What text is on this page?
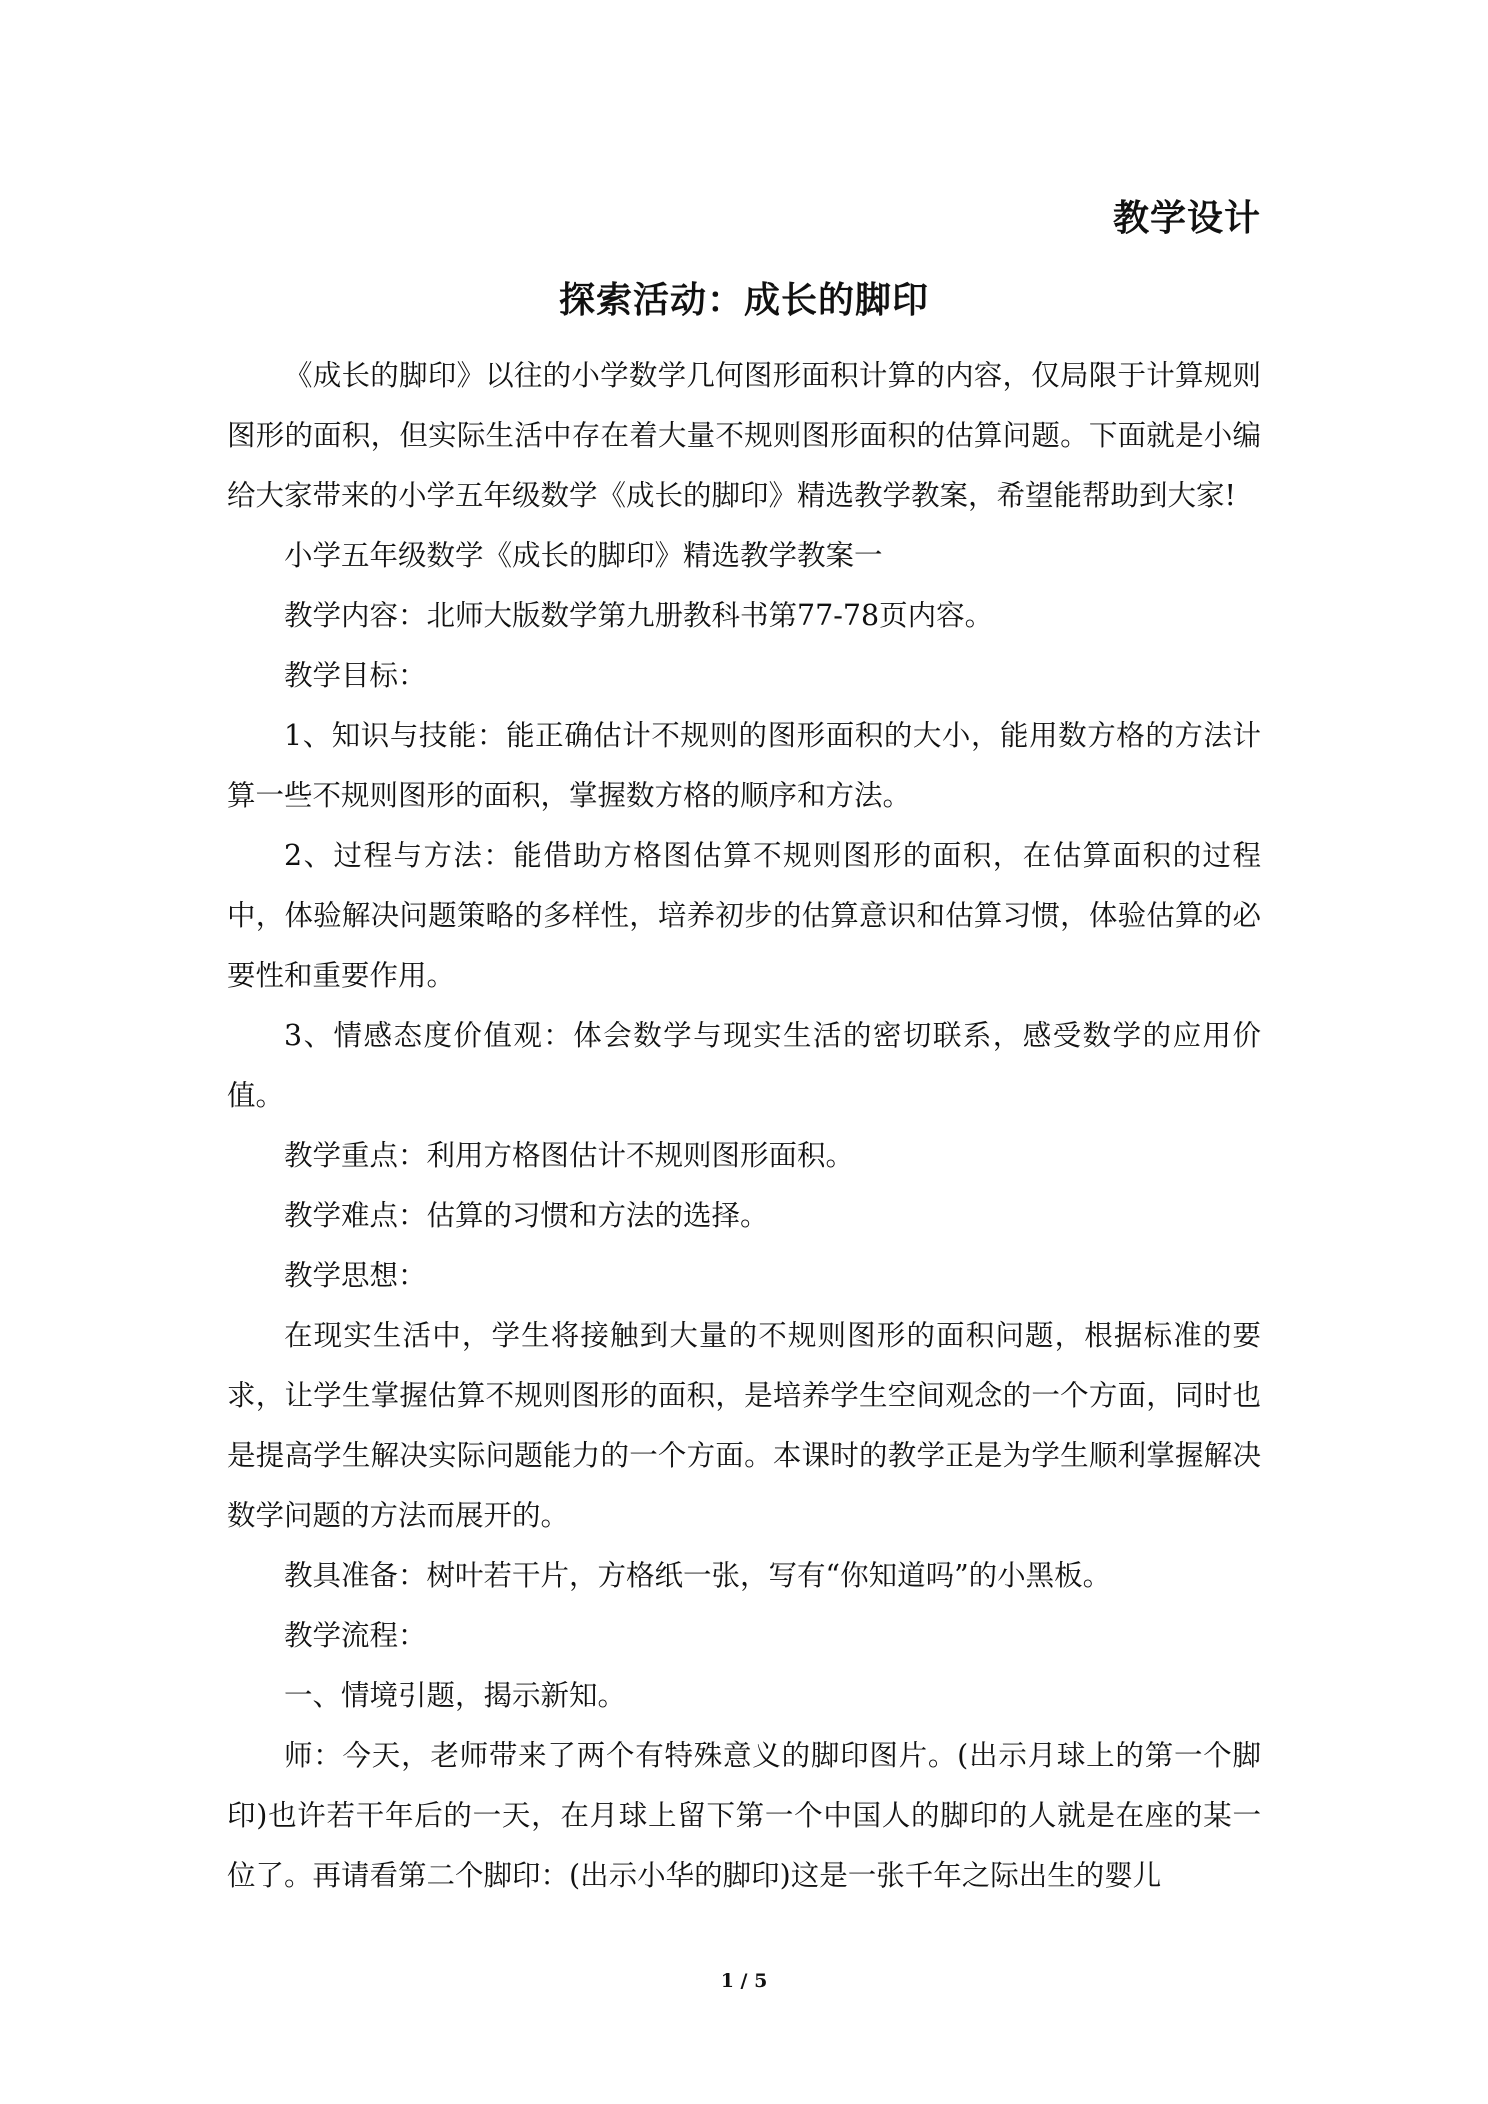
教学设计
探索活动：成长的脚印

《成长的脚印》以往的小学数学几何图形面积计算的内容，仅局限于计算规则图形的面积，但实际生活中存在着大量不规则图形面积的估算问题。下面就是小编给大家带来的小学五年级数学《成长的脚印》精选教学教案，希望能帮助到大家!

小学五年级数学《成长的脚印》精选教学教案一

教学内容：北师大版数学第九册教科书第77-78页内容。

教学目标：

1、知识与技能：能正确估计不规则的图形面积的大小，能用数方格的方法计算一些不规则图形的面积，掌握数方格的顺序和方法。

2、过程与方法：能借助方格图估算不规则图形的面积，在估算面积的过程中，体验解决问题策略的多样性，培养初步的估算意识和估算习惯，体验估算的必要性和重要作用。

3、情感态度价值观：体会数学与现实生活的密切联系，感受数学的应用价值。

教学重点：利用方格图估计不规则图形面积。

教学难点：估算的习惯和方法的选择。

教学思想：

在现实生活中，学生将接触到大量的不规则图形的面积问题，根据标准的要求，让学生掌握估算不规则图形的面积，是培养学生空间观念的一个方面，同时也是提高学生解决实际问题能力的一个方面。本课时的教学正是为学生顺利掌握解决数学问题的方法而展开的。

教具准备：树叶若干片，方格纸一张，写有“你知道吗”的小黑板。

教学流程：

一、情境引题，揭示新知。

师：今天，老师带来了两个有特殊意义的脚印图片。(出示月球上的第一个脚印)也许若干年后的一天，在月球上留下第一个中国人的脚印的人就是在座的某一位了。再请看第二个脚印：(出示小华的脚印)这是一张千年之际出生的婴儿

1 / 5
